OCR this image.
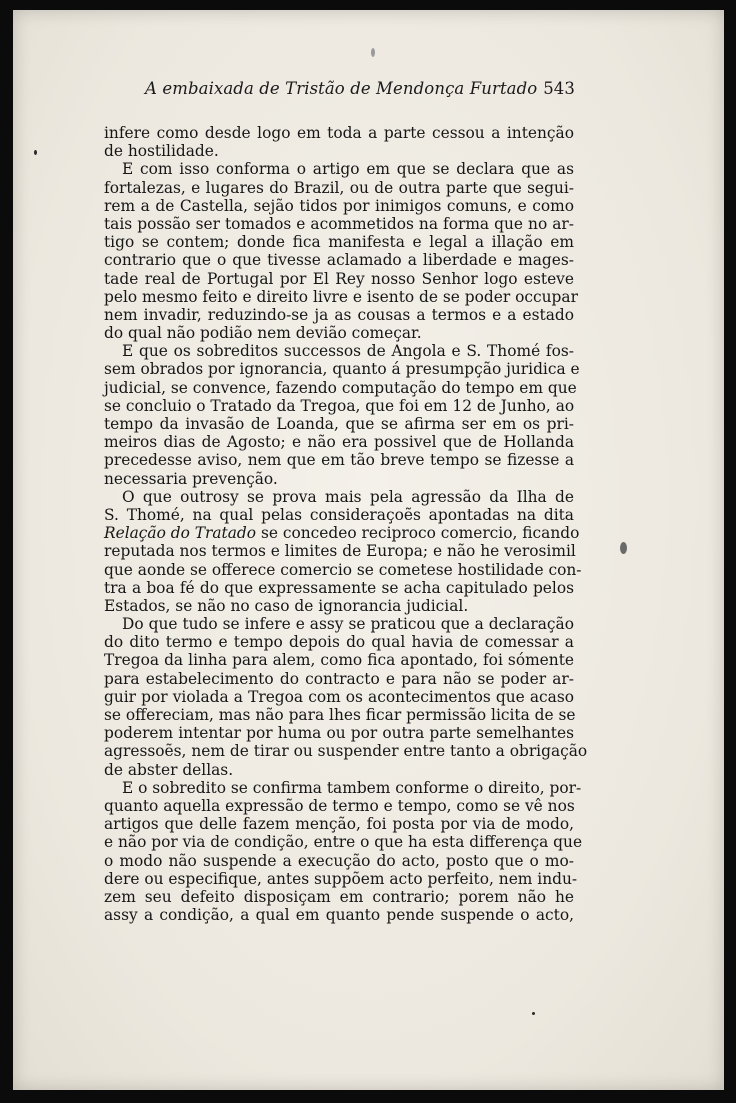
A embaixada de Tristão de Mendonça Furtado 543
infere como desde logo em toda a parte cessou a intenção
de hostilidade.
E com isso conforma o artigo em que se declara que as
fortalezas, e lugares do Brazil, ou de outra parte que segui-
rem a de Castella, sejão tidos por inimigos comuns, e como
tais possão ser tomados e acommetidos na forma que no ar-
tigo se contem; donde fica manifesta e legal a illação em
contrario que o que tivesse aclamado a liberdade e mages-
tade real de Portugal por El Rey nosso Senhor logo esteve
pelo mesmo feito e direito livre e isento de se poder occupar
nem invadir, reduzindo-se ja as cousas a termos e a estado
do qual não podião nem devião começar.
E que os sobreditos successos de Angola e S. Thomé fos-
sem obrados por ignorancia, quanto á presumpção juridica e
judicial, se convence, fazendo computação do tempo em que
se concluio o Tratado da Tregoa, que foi em 12 de Junho, ao
tempo da invasão de Loanda, que se afirma ser em os pri-
meiros dias de Agosto; e não era possivel que de Hollanda
precedesse aviso, nem que em tão breve tempo se fizesse a
necessaria prevenção.
O que outrosy se prova mais pela agressão da Ilha de
S. Thomé, na qual pelas consideraçoẽs apontadas na dita
Relação do Tratado se concedeo reciproco comercio, ficando
reputada nos termos e limites de Europa; e não he verosimil
que aonde se offerece comercio se cometese hostilidade con-
tra a boa fé do que expressamente se acha capitulado pelos
Estados, se não no caso de ignorancia judicial.
Do que tudo se infere e assy se praticou que a declaração
do dito termo e tempo depois do qual havia de comessar a
Tregoa da linha para alem, como fica apontado, foi sómente
para estabelecimento do contracto e para não se poder ar-
guir por violada a Tregoa com os acontecimentos que acaso
se offereciam, mas não para lhes ficar permissão licita de se
poderem intentar por huma ou por outra parte semelhantes
agressoẽs, nem de tirar ou suspender entre tanto a obrigação
de abster dellas.
E o sobredito se confirma tambem conforme o direito, por-
quanto aquella expressão de termo e tempo, como se vê nos
artigos que delle fazem menção, foi posta por via de modo,
e não por via de condição, entre o que ha esta differença que
o modo não suspende a execução do acto, posto que o mo-
dere ou especifique, antes suppõem acto perfeito, nem indu-
zem seu defeito disposiçam em contrario; porem não he
assy a condição, a qual em quanto pende suspende o acto,
